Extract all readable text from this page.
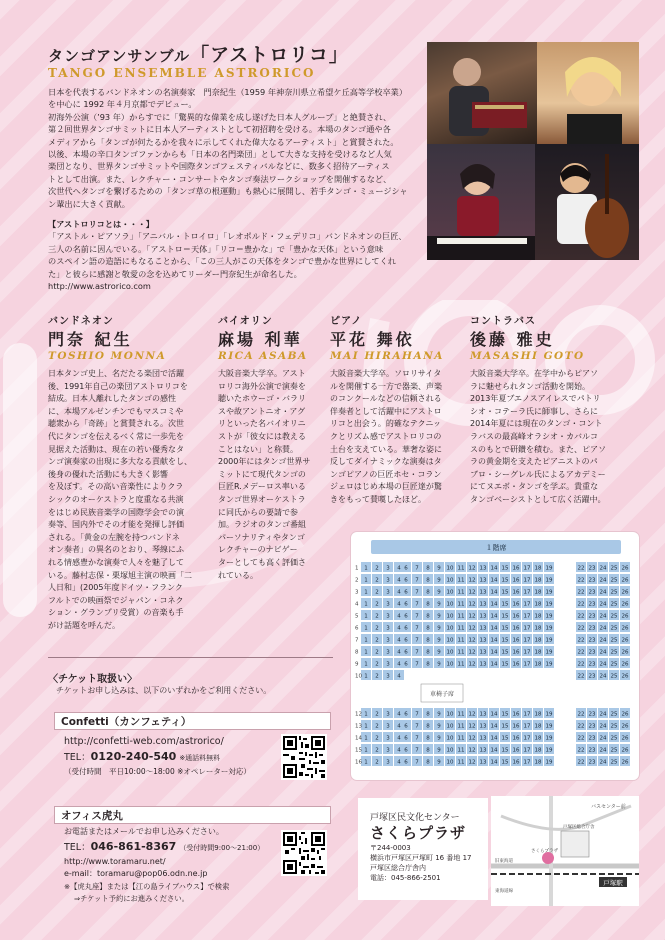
タンゴアンサンブル「アストロリコ」
TANGO ENSEMBLE ASTRORICO
日本を代表するバンドネオンの名演奏家　門奈紀生（1959 年神奈川県立希望ケ丘高等学校卒業）
を中心に 1992 年４月京都でデビュー。
初海外公演（’93 年）からすでに「驚異的な偉業を成し遂げた日本人グループ」と絶賛され、
第２回世界タンゴサミットに日本人アーティストとして初招聘を受ける。本場のタンゴ通や各
メディアから「タンゴが何たるかを我々に示してくれた偉大なるアーティスト」と賞賛された。
以後、本場の辛口タンゴファンからも「日本の名門楽団」として大きな支持を受けるなど人気
楽団となり、世界タンゴサミットや国際タンゴフェスティバルなどに、数多く招待アーティス
トとして出演。また、レクチャー・コンサートやタンゴ奏法ワークショップを開催するなど、
次世代へタンゴを繋げるための「タンゴ草の根運動」も熱心に展開し、若手タンゴ・ミュージシャ
ン輩出に大きく貢献。
【アストロリコとは・・・】
「アストル・ピアソラ」「アニバル・トロイロ」「レオポルド・フェデリコ」バンドネオンの巨匠、
三人の名前に因んでいる。「アストロ＝天体」「リコ＝豊かな」で「豊かな天体」という意味
のスペイン語の造語にもなることから、「この三人がこの天体をタンゴで豊かな世界にしてくれ
た」と彼らに感謝と敬愛の念を込めてリーダー門奈紀生が命名した。
http://www.astrorico.com
バンドネオン
門奈 紀生
TOSHIO MONNA
日本タンゴ史上、名だたる楽団で活躍
後、1991年自己の楽団アストロリコを
結成。日本人離れしたタンゴの感性
に、本場アルゼンチンでもマスコミや
聴衆から「奇跡」と賞賛される。次世
代にタンゴを伝えるべく常に一歩先を
見据えた活動は、現在の若い優秀なタ
ンゴ演奏家の出現に多大なる貢献をし、
後身の優れた活動にも大きく影響
を及ぼす。その高い音楽性によりクラ
シックのオーケストラと度重なる共演
をはじめ民族音楽学の国際学会での演
奏等、国内外でその才能を発揮し評価
される。「黄金の左腕を持つバンドネ
オン奏者」の異名のとおり、琴線にふ
れる情感豊かな演奏で人々を魅了して
いる。藤村志保・栗塚旭主演の映画「二
人日和」(2005年度ドイツ・フランク
フルトでの映画祭でジャパン・コネク
ション・グランプリ受賞）の音楽も手
がけ話題を呼んだ。
バイオリン
麻場 利華
RICA ASABA
大阪音楽大学卒。アスト
ロリコ海外公演で演奏を
聴いたホウーゴ・バラリ
スや故アントニオ・アグ
リといった名バイオリニ
ストが「彼女には教える
ことはない」と称賛。
2000年にはタンゴ世界サ
ミットにて現代タンゴの
巨匠R.メデーロス率いる
タンゴ世界オーケストラ
に同氏からの要請で参
加。ラジオのタンゴ番組
パーソナリティやタンゴ
レクチャーのナビゲー
ターとしても高く評価さ
れている。
ピアノ
平花 舞依
MAI HIRAHANA
大阪音楽大学卒。ソロリサイタ
ルを開催する一方で器楽、声楽
のコンクールなどの信頼される
伴奏者として活躍中にアストロ
リコと出会う。的確なテクニッ
クとリズム感でアストロリコの
土台を支えている。華奢な姿に
反してダイナミックな演奏はタ
ンゴピアノの巨匠ホセ・コラン
ジェロはじめ本場の巨匠達が驚
きをもって賛嘆したほど。
コントラバス
後藤 雅史
MASASHI GOTO
大阪音楽大学卒。在学中からピアソ
ラに魅せられタンゴ活動を開始。
2013年夏ブエノスアイレスでパトリ
シオ・コテーラ氏に師事し、さらに
2014年夏には現在のタンゴ・コント
ラバスの最高峰オラシオ・カバルコ
スのもとで研鑽を積む。また、ピアソ
ラの黄金期を支えたピアニストのパ
ブロ・シーグレル氏によるアカデミー
にてヌエボ・タンゴを学ぶ。貴重な
タンゴベーシストとして広く活躍中。
〈チケット取扱い〉
チケットお申し込みは、以下のいずれかをご利用ください。
Confetti（カンフェティ）
http://confetti-web.com/astrorico/
TEL：0120-240-540 ※通話料無料
（受付時間　平日10:00～18:00 ※オペレーター対応）
オフィス虎丸
お電話またはメールでお申し込みください。
TEL：046-861-8367 （受付時間9:00～21:00）
http://www.toramaru.net/
e-mail：toramaru@pop06.odn.ne.jp
※【虎丸座】または【江の島ライブハウス】で検索
⇒チケット予約にお進みください。
１階席
1 2 3 4 6 7 8 9 10 11 12 13 14 15 16 17 18 19	22 23 24 25 26
1
1 2 3 4 6 7 8 9 10 11 12 13 14 15 16 17 18 19	22 23 24 25 26
2
1 2 3 4 6 7 8 9 10 11 12 13 14 15 16 17 18 19	22 23 24 25 26
3
1 2 3 4 6 7 8 9 10 11 12 13 14 15 16 17 18 19	22 23 24 25 26
4
1 2 3 4 6 7 8 9 10 11 12 13 14 15 16 17 18 19	22 23 24 25 26
5
1 2 3 4 6 7 8 9 10 11 12 13 14 15 16 17 18 19	22 23 24 25 26
6
1 2 3 4 6 7 8 9 10 11 12 13 14 15 16 17 18 19	22 23 24 25 26
7
1 2 3 4 6 7 8 9 10 11 12 13 14 15 16 17 18 19	22 23 24 25 26
8
1 2 3 4 6 7 8 9 10 11 12 13 14 15 16 17 18 19	22 23 24 25 26
9
1 2 3 4	22 23 24 25 26
10
1 2 3 4 6 7 8 9 10 11 12 13 14 15 16 17 18 19	22 23 24 25 26
12
1 2 3 4 6 7 8 9 10 11 12 13 14 15 16 17 18 19	22 23 24 25 26
13
1 2 3 4 6 7 8 9 10 11 12 13 14 15 16 17 18 19	22 23 24 25 26
14
1 2 3 4 6 7 8 9 10 11 12 13 14 15 16 17 18 19	22 23 24 25 26
15
1 2 3 4 6 7 8 9 10 11 12 13 14 15 16 17 18 19	22 23 24 25 26
16
車椅子席
戸塚区民文化センター
さくらプラザ
〒244-0003
横浜市戸塚区戸塚町 16 番地 17
戸塚区総合庁舎内
電話：045-866-2501
戸塚駅
バスセンター前
戸塚区総合庁舎
さくらプラザ
東海道線
旧東海道
